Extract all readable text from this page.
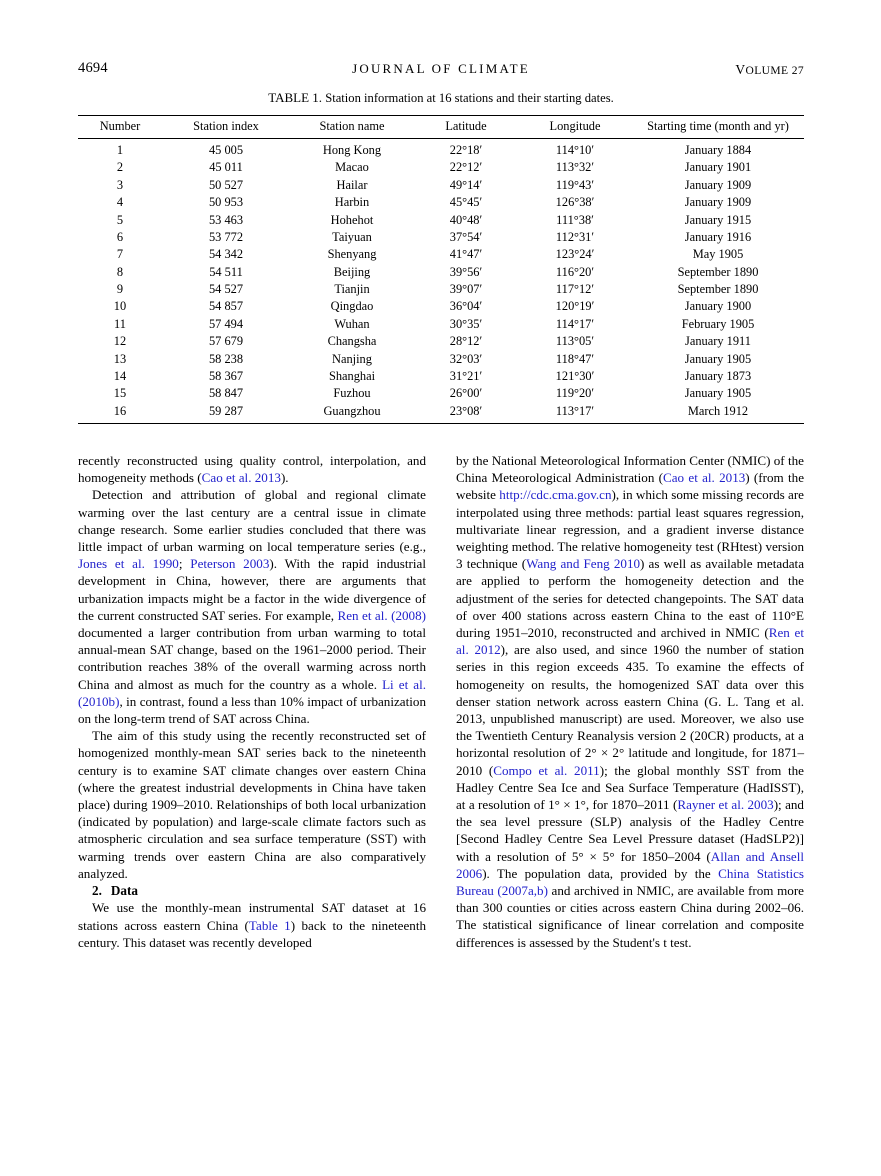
4694	JOURNAL OF CLIMATE	VOLUME 27
TABLE 1. Station information at 16 stations and their starting dates.
Number	Station index	Station name	Latitude	Longitude	Starting time (month and yr)
1	45 005	Hong Kong	22°18′	114°10′	January 1884
2	45 011	Macao	22°12′	113°32′	January 1901
3	50 527	Hailar	49°14′	119°43′	January 1909
4	50 953	Harbin	45°45′	126°38′	January 1909
5	53 463	Hohehot	40°48′	111°38′	January 1915
6	53 772	Taiyuan	37°54′	112°31′	January 1916
7	54 342	Shenyang	41°47′	123°24′	May 1905
8	54 511	Beijing	39°56′	116°20′	September 1890
9	54 527	Tianjin	39°07′	117°12′	September 1890
10	54 857	Qingdao	36°04′	120°19′	January 1900
11	57 494	Wuhan	30°35′	114°17′	February 1905
12	57 679	Changsha	28°12′	113°05′	January 1911
13	58 238	Nanjing	32°03′	118°47′	January 1905
14	58 367	Shanghai	31°21′	121°30′	January 1873
15	58 847	Fuzhou	26°00′	119°20′	January 1905
16	59 287	Guangzhou	23°08′	113°17′	March 1912

recently reconstructed using quality control, interpolation, and homogeneity methods (Cao et al. 2013).

Detection and attribution of global and regional climate warming over the last century are a central issue in climate change research. Some earlier studies concluded that there was little impact of urban warming on local temperature series (e.g., Jones et al. 1990; Peterson 2003). With the rapid industrial development in China, however, there are arguments that urbanization impacts might be a factor in the wide divergence of the current constructed SAT series. For example, Ren et al. (2008) documented a larger contribution from urban warming to total annual-mean SAT change, based on the 1961–2000 period. Their contribution reaches 38% of the overall warming across north China and almost as much for the country as a whole. Li et al. (2010b), in contrast, found a less than 10% impact of urbanization on the long-term trend of SAT across China.

The aim of this study using the recently reconstructed set of homogenized monthly-mean SAT series back to the nineteenth century is to examine SAT climate changes over eastern China (where the greatest industrial developments in China have taken place) during 1909–2010. Relationships of both local urbanization (indicated by population) and large-scale climate factors such as atmospheric circulation and sea surface temperature (SST) with warming trends over eastern China are also comparatively analyzed.

2. Data

We use the monthly-mean instrumental SAT dataset at 16 stations across eastern China (Table 1) back to the nineteenth century. This dataset was recently developed

by the National Meteorological Information Center (NMIC) of the China Meteorological Administration (Cao et al. 2013) (from the website http://cdc.cma.gov.cn), in which some missing records are interpolated using three methods: partial least squares regression, multivariate linear regression, and a gradient inverse distance weighting method. The relative homogeneity test (RHtest) version 3 technique (Wang and Feng 2010) as well as available metadata are applied to perform the homogeneity detection and the adjustment of the series for detected changepoints. The SAT data of over 400 stations across eastern China to the east of 110°E during 1951–2010, reconstructed and archived in NMIC (Ren et al. 2012), are also used, and since 1960 the number of station series in this region exceeds 435. To examine the effects of homogeneity on results, the homogenized SAT data over this denser station network across eastern China (G. L. Tang et al. 2013, unpublished manuscript) are used. Moreover, we also use the Twentieth Century Reanalysis version 2 (20CR) products, at a horizontal resolution of 2° × 2° latitude and longitude, for 1871–2010 (Compo et al. 2011); the global monthly SST from the Hadley Centre Sea Ice and Sea Surface Temperature (HadISST), at a resolution of 1° × 1°, for 1870–2011 (Rayner et al. 2003); and the sea level pressure (SLP) analysis of the Hadley Centre [Second Hadley Centre Sea Level Pressure dataset (HadSLP2)] with a resolution of 5° × 5° for 1850–2004 (Allan and Ansell 2006). The population data, provided by the China Statistics Bureau (2007a,b) and archived in NMIC, are available from more than 300 counties or cities across eastern China during 2002–06. The statistical significance of linear correlation and composite differences is assessed by the Student's t test.
